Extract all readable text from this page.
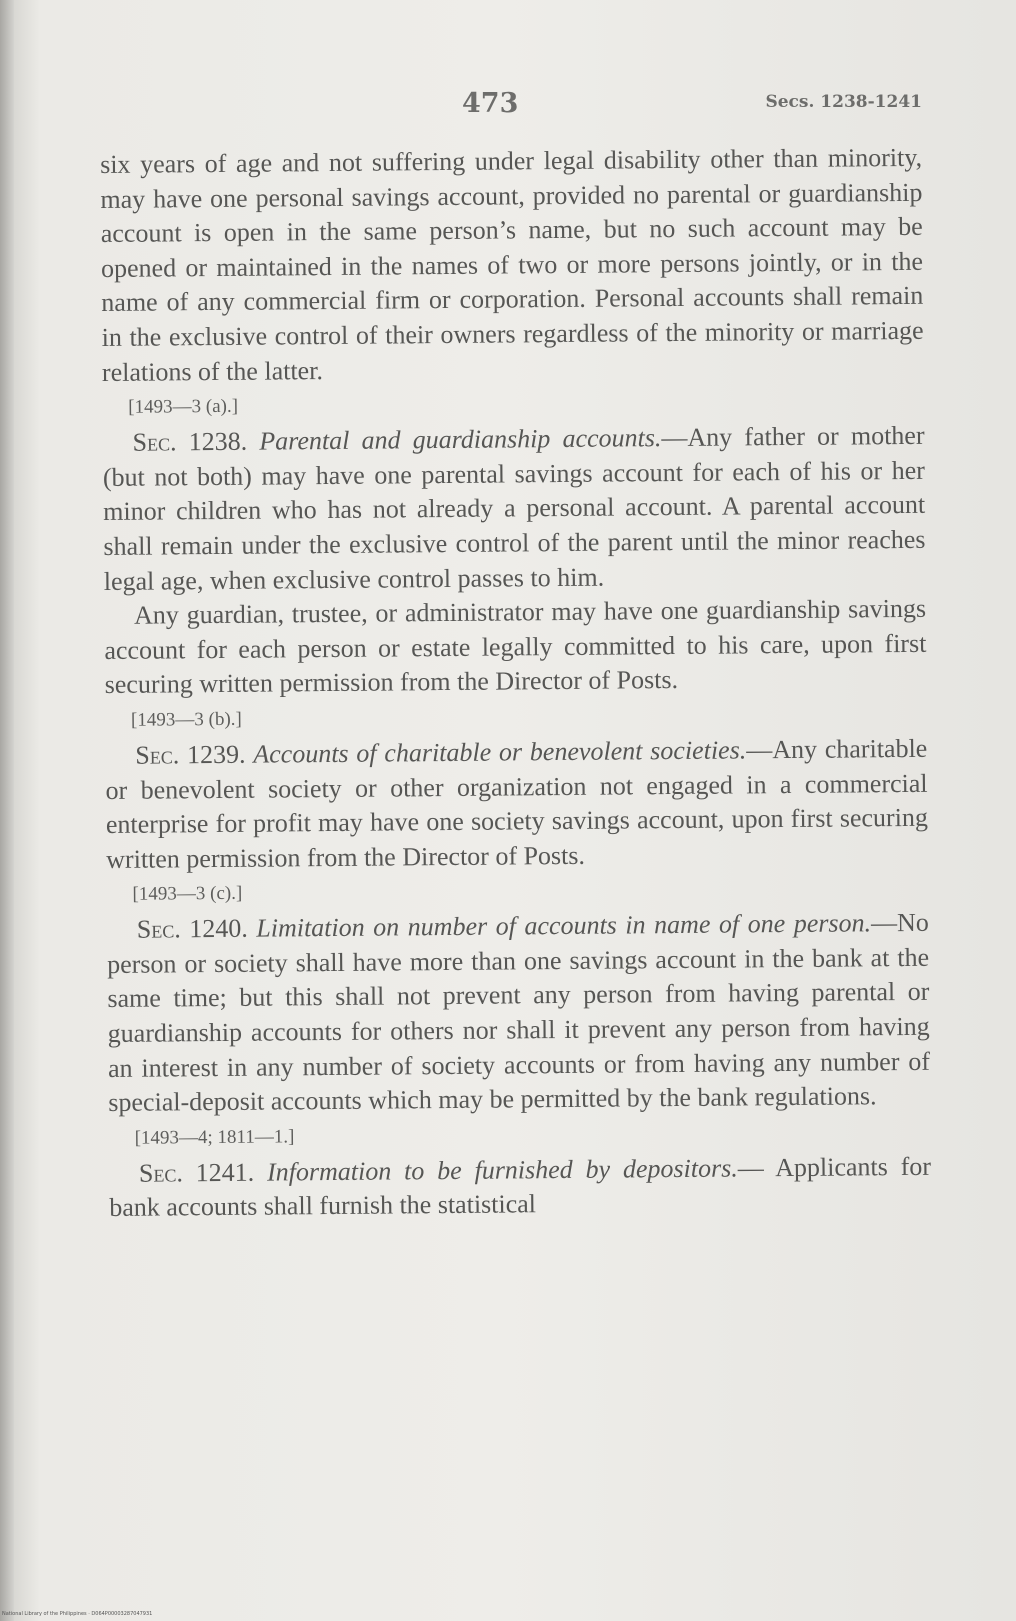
473	Secs. 1238-1241

six years of age and not suffering under legal disability other than minority, may have one personal savings account, provided no parental or guardianship account is open in the same person’s name, but no such account may be opened or maintained in the names of two or more persons jointly, or in the name of any commercial firm or corporation. Personal accounts shall remain in the exclusive control of their owners regardless of the minority or marriage relations of the latter.

[1493—3 (a).]

Sec. 1238. Parental and guardianship accounts.—Any father or mother (but not both) may have one parental savings account for each of his or her minor children who has not already a personal account. A parental account shall remain under the exclusive control of the parent until the minor reaches legal age, when exclusive control passes to him.

Any guardian, trustee, or administrator may have one guardianship savings account for each person or estate legally committed to his care, upon first securing written permission from the Director of Posts.

[1493—3 (b).]

Sec. 1239. Accounts of charitable or benevolent societies.—Any charitable or benevolent society or other organization not engaged in a commercial enterprise for profit may have one society savings account, upon first securing written permission from the Director of Posts.

[1493—3 (c).]

Sec. 1240. Limitation on number of accounts in name of one person.—No person or society shall have more than one savings account in the bank at the same time; but this shall not prevent any person from having parental or guardianship accounts for others nor shall it prevent any person from having an interest in any number of society accounts or from having any number of special-deposit accounts which may be permitted by the bank regulations.

[1493—4; 1811—1.]

Sec. 1241. Information to be furnished by depositors.— Applicants for bank accounts shall furnish the statistical

National Library of the Philippines · D064P00003287047931
